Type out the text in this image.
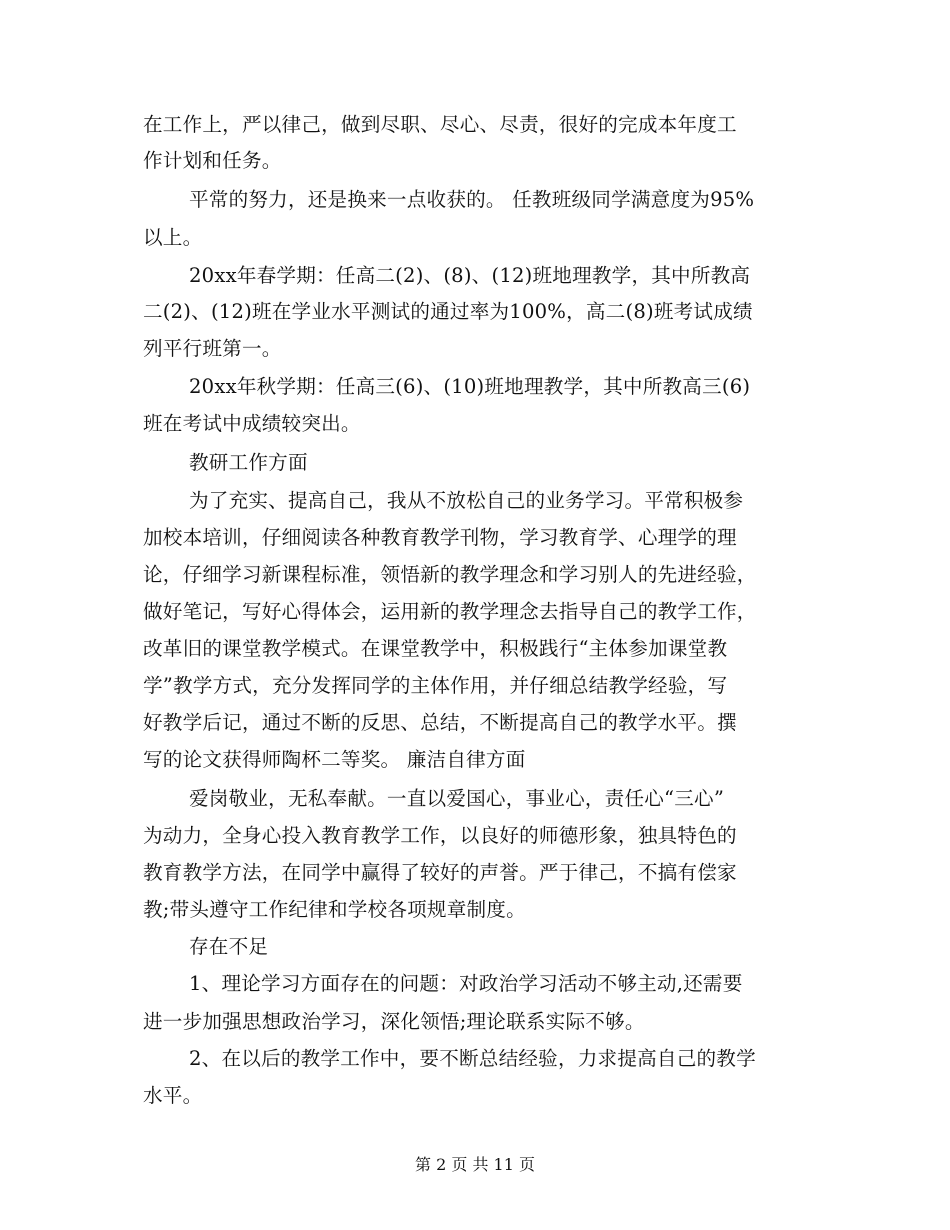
在工作上，严以律己，做到尽职、尽心、尽责，很好的完成本年度工
作计划和任务。
平常的努力，还是换来一点收获的。 任教班级同学满意度为95%
以上。
20xx年春学期：任高二(2)、(8)、(12)班地理教学，其中所教高
二(2)、(12)班在学业水平测试的通过率为100%，高二(8)班考试成绩
列平行班第一。
20xx年秋学期：任高三(6)、(10)班地理教学，其中所教高三(6)
班在考试中成绩较突出。
教研工作方面
为了充实、提高自己，我从不放松自己的业务学习。平常积极参
加校本培训，仔细阅读各种教育教学刊物，学习教育学、心理学的理
论，仔细学习新课程标准，领悟新的教学理念和学习别人的先进经验，
做好笔记，写好心得体会，运用新的教学理念去指导自己的教学工作，
改革旧的课堂教学模式。在课堂教学中，积极践行“主体参加课堂教
学”教学方式，充分发挥同学的主体作用，并仔细总结教学经验，写
好教学后记，通过不断的反思、总结，不断提高自己的教学水平。撰
写的论文获得师陶杯二等奖。 廉洁自律方面
爱岗敬业，无私奉献。一直以爱国心，事业心，责任心“三心”
为动力，全身心投入教育教学工作，以良好的师德形象，独具特色的
教育教学方法，在同学中赢得了较好的声誉。严于律己，不搞有偿家
教;带头遵守工作纪律和学校各项规章制度。
存在不足
1、理论学习方面存在的问题：对政治学习活动不够主动,还需要
进一步加强思想政治学习，深化领悟;理论联系实际不够。
2、在以后的教学工作中，要不断总结经验，力求提高自己的教学
水平。
第 2 页 共 11 页
